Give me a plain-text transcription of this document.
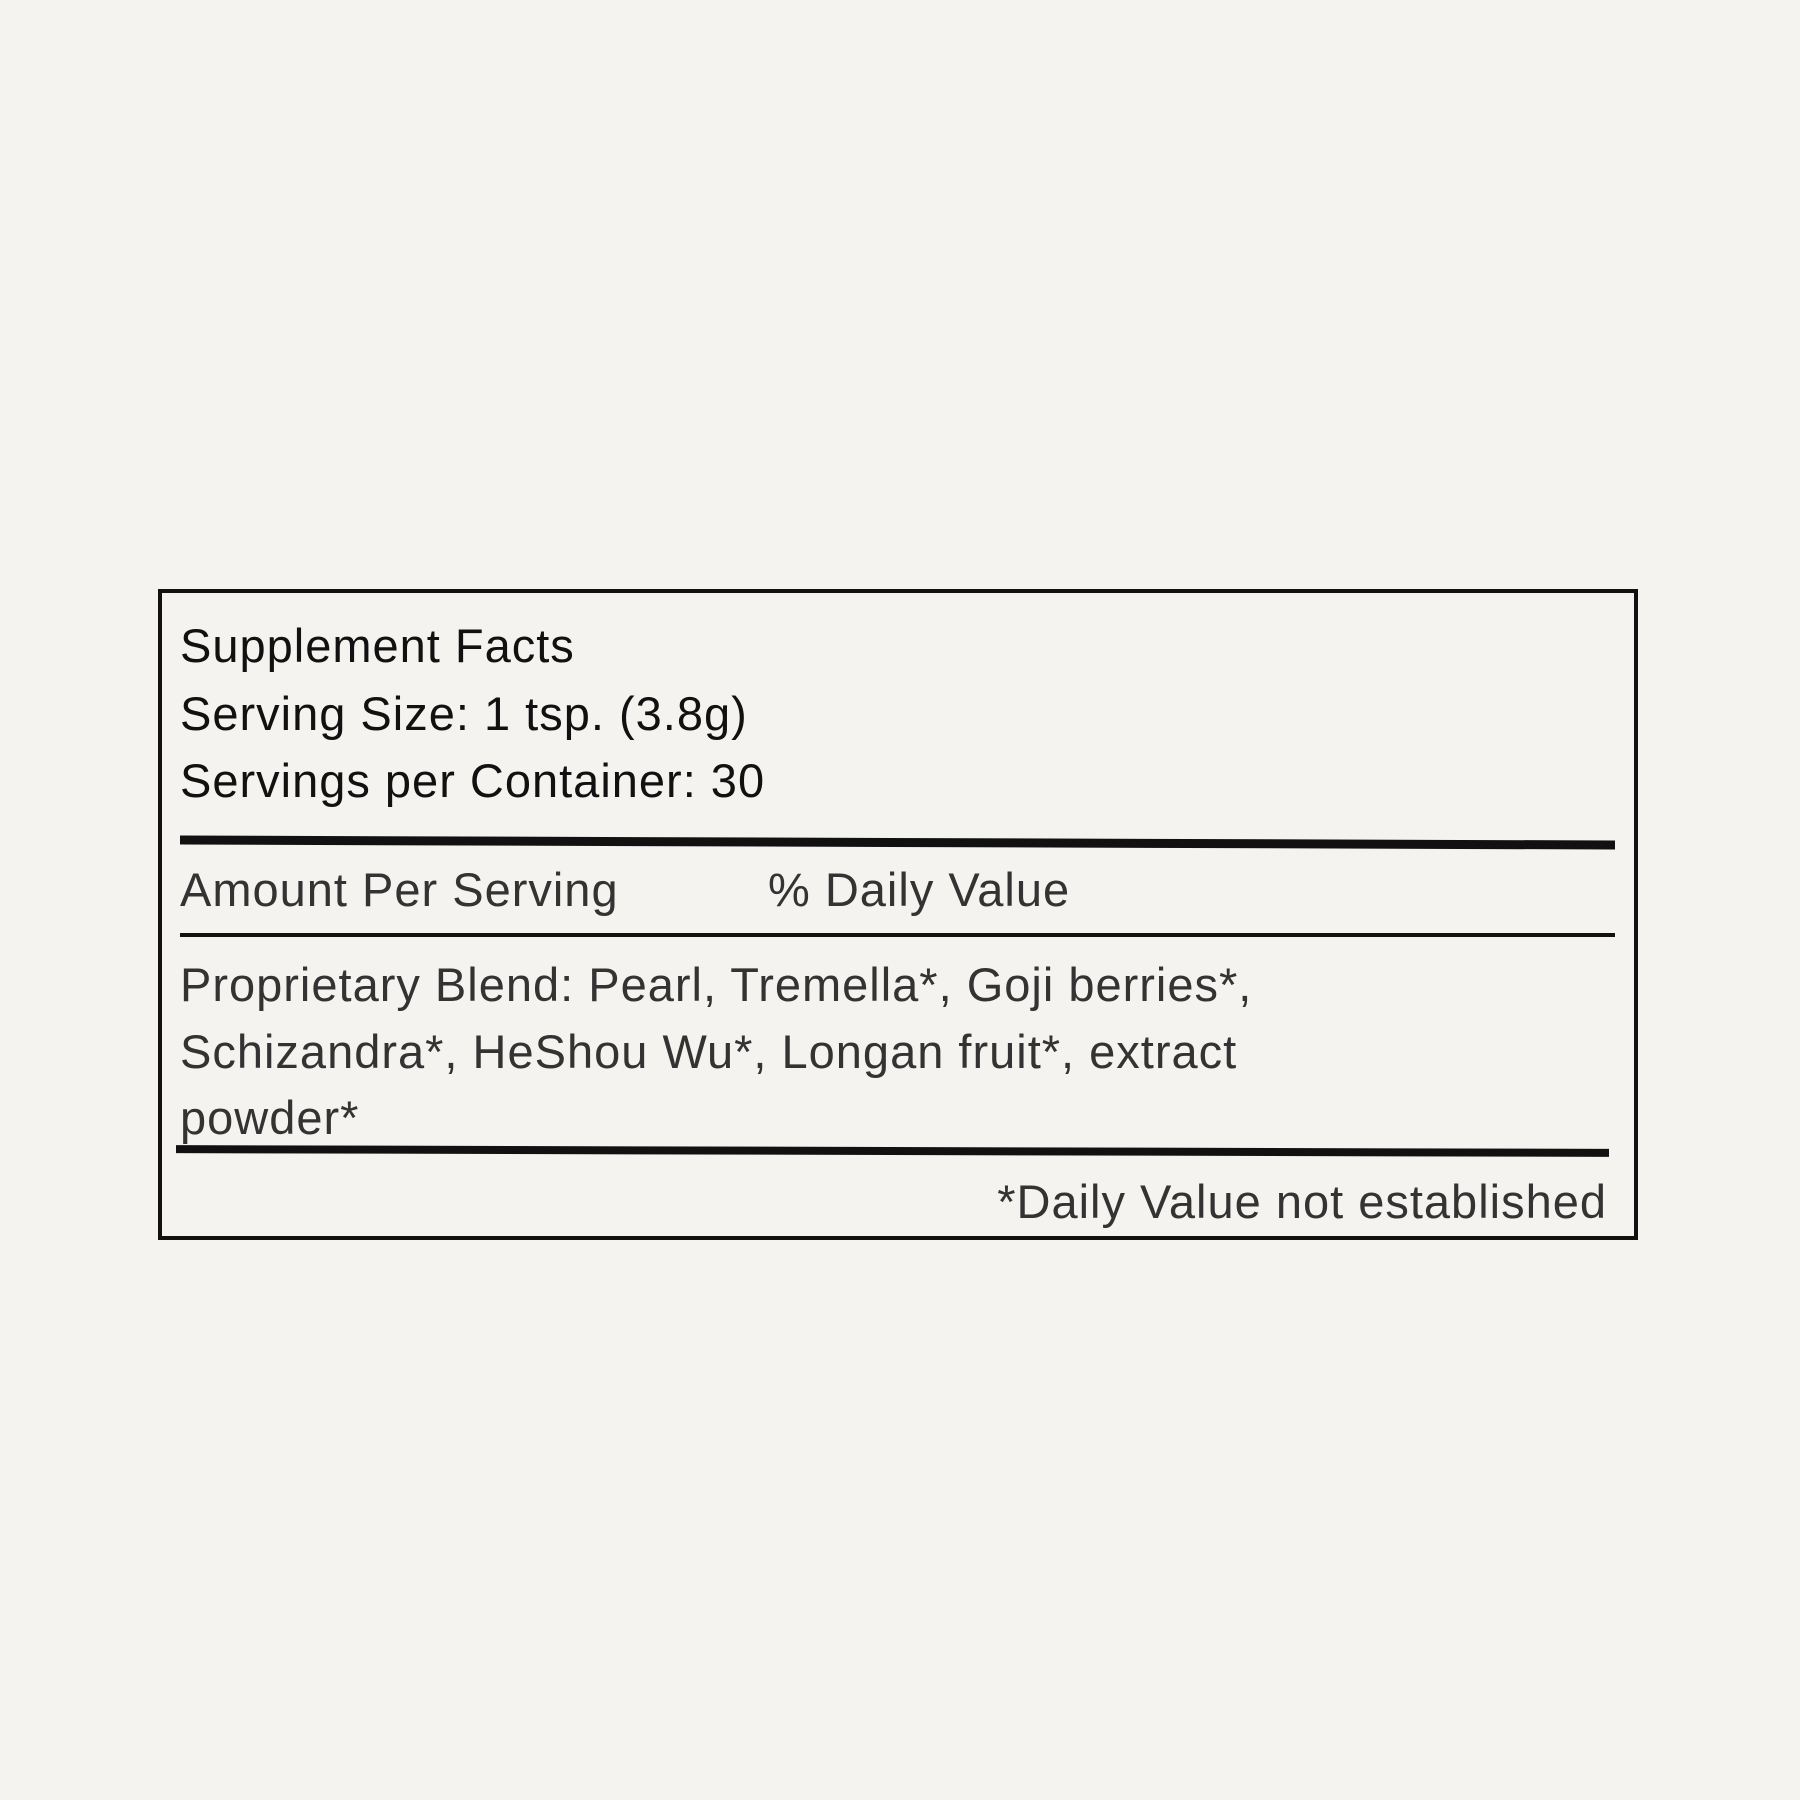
Supplement Facts
Serving Size: 1 tsp. (3.8g)
Servings per Container: 30
Amount Per Serving	% Daily Value
Proprietary Blend: Pearl, Tremella*, Goji berries*,
Schizandra*, HeShou Wu*, Longan fruit*, extract
powder*
*Daily Value not established
